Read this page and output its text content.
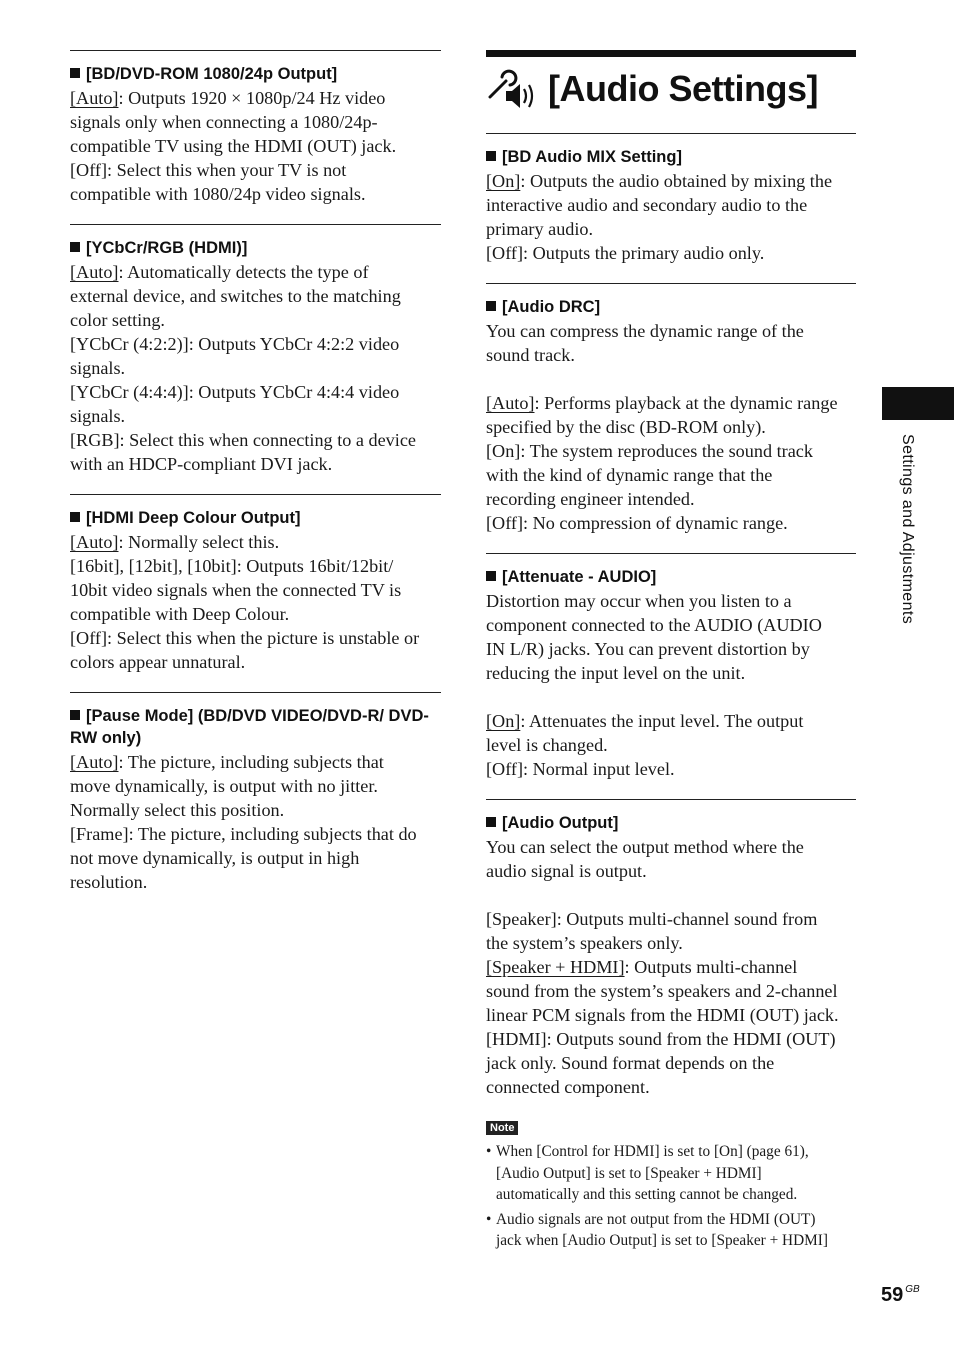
[BD/DVD-ROM 1080/24p Output]
[Auto]: Outputs 1920 × 1080p/24 Hz video
signals only when connecting a 1080/24p-
compatible TV using the HDMI (OUT) jack.
[Off]: Select this when your TV is not
compatible with 1080/24p video signals.
[YCbCr/RGB (HDMI)]
[Auto]: Automatically detects the type of
external device, and switches to the matching
color setting.
[YCbCr (4:2:2)]: Outputs YCbCr 4:2:2 video
signals.
[YCbCr (4:4:4)]: Outputs YCbCr 4:4:4 video
signals.
[RGB]: Select this when connecting to a device
with an HDCP-compliant DVI jack.
[HDMI Deep Colour Output]
[Auto]: Normally select this.
[16bit], [12bit], [10bit]: Outputs 16bit/12bit/
10bit video signals when the connected TV is
compatible with Deep Colour.
[Off]: Select this when the picture is unstable or
colors appear unnatural.
[Pause Mode] (BD/DVD VIDEO/DVD-R/ DVD-RW only)
[Auto]: The picture, including subjects that
move dynamically, is output with no jitter.
Normally select this position.
[Frame]: The picture, including subjects that do
not move dynamically, is output in high
resolution.
[Audio Settings]
[BD Audio MIX Setting]
[On]: Outputs the audio obtained by mixing the
interactive audio and secondary audio to the
primary audio.
[Off]: Outputs the primary audio only.
[Audio DRC]
You can compress the dynamic range of the
sound track.
[Auto]: Performs playback at the dynamic range
specified by the disc (BD-ROM only).
[On]: The system reproduces the sound track
with the kind of dynamic range that the
recording engineer intended.
[Off]: No compression of dynamic range.
[Attenuate - AUDIO]
Distortion may occur when you listen to a
component connected to the AUDIO (AUDIO
IN L/R) jacks. You can prevent distortion by
reducing the input level on the unit.
[On]: Attenuates the input level. The output
level is changed.
[Off]: Normal input level.
[Audio Output]
You can select the output method where the
audio signal is output.
[Speaker]: Outputs multi-channel sound from
the system’s speakers only.
[Speaker + HDMI]: Outputs multi-channel
sound from the system’s speakers and 2-channel
linear PCM signals from the HDMI (OUT) jack.
[HDMI]: Outputs sound from the HDMI (OUT)
jack only. Sound format depends on the
connected component.
Note
• When [Control for HDMI] is set to [On] (page 61),
[Audio Output] is set to [Speaker + HDMI]
automatically and this setting cannot be changed.
• Audio signals are not output from the HDMI (OUT)
jack when [Audio Output] is set to [Speaker + HDMI]
Settings and Adjustments
59 $^{GB}$
